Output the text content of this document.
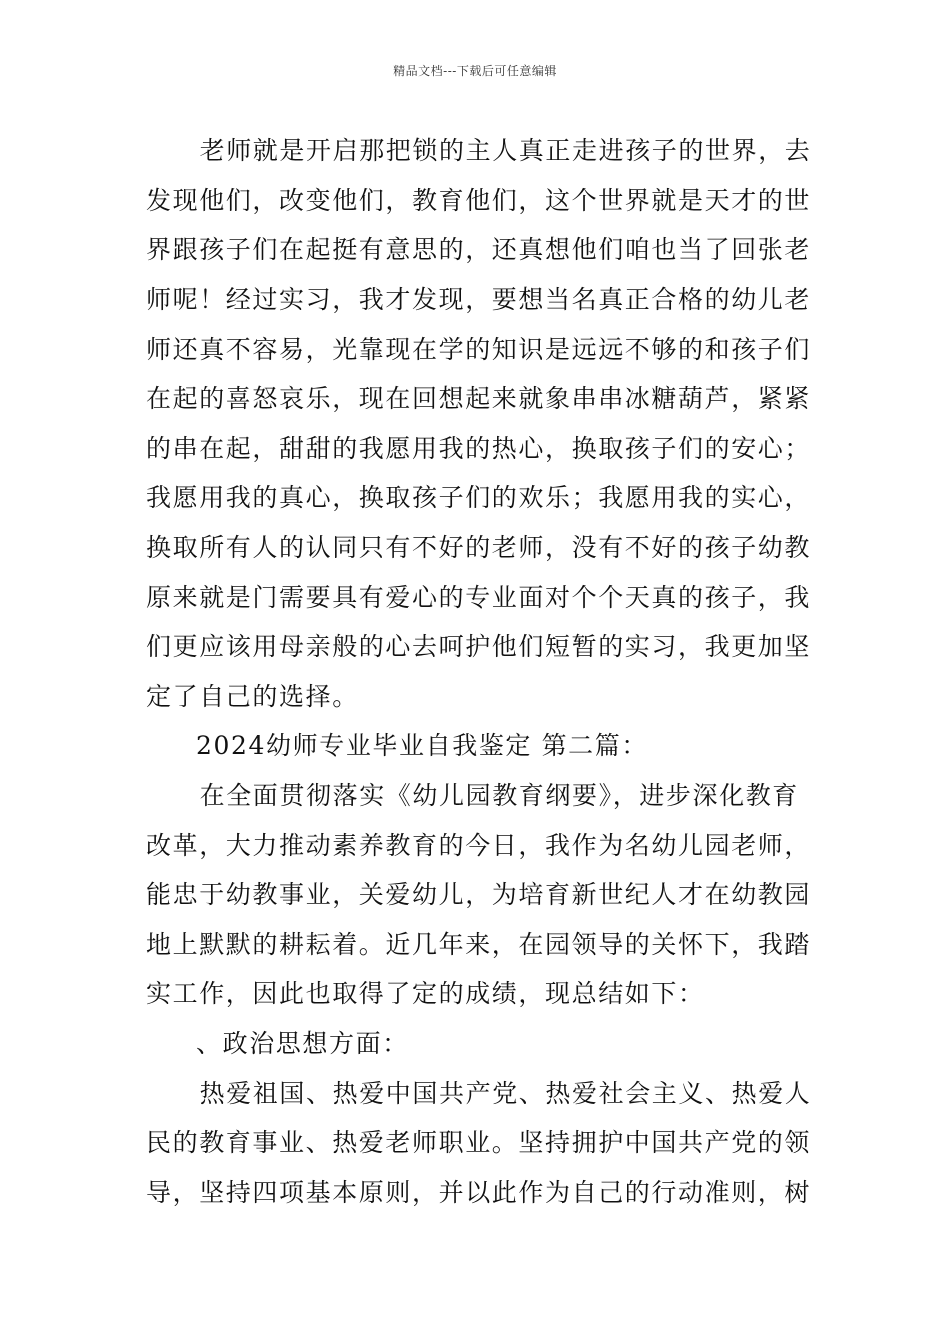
精品文档---下载后可任意编辑
　老师就是开启那把锁的主人真正走进孩子的世界，去
发现他们，改变他们，教育他们，这个世界就是天才的世
界跟孩子们在起挺有意思的，还真想他们咱也当了回张老
师呢！经过实习，我才发现，要想当名真正合格的幼儿老
师还真不容易，光靠现在学的知识是远远不够的和孩子们
在起的喜怒哀乐，现在回想起来就象串串冰糖葫芦，紧紧
的串在起，甜甜的我愿用我的热心，换取孩子们的安心；
我愿用我的真心，换取孩子们的欢乐；我愿用我的实心，
换取所有人的认同只有不好的老师，没有不好的孩子幼教
原来就是门需要具有爱心的专业面对个个天真的孩子，我
们更应该用母亲般的心去呵护他们短暂的实习，我更加坚
定了自己的选择。
2024幼师专业毕业自我鉴定 第二篇：
　在全面贯彻落实《幼儿园教育纲要》，进步深化教育
改革，大力推动素养教育的今日，我作为名幼儿园老师，
能忠于幼教事业，关爱幼儿，为培育新世纪人才在幼教园
地上默默的耕耘着。近几年来，在园领导的关怀下，我踏
实工作，因此也取得了定的成绩，现总结如下：
、政治思想方面：
　热爱祖国、热爱中国共产党、热爱社会主义、热爱人
民的教育事业、热爱老师职业。坚持拥护中国共产党的领
导，坚持四项基本原则，并以此作为自己的行动准则，树
